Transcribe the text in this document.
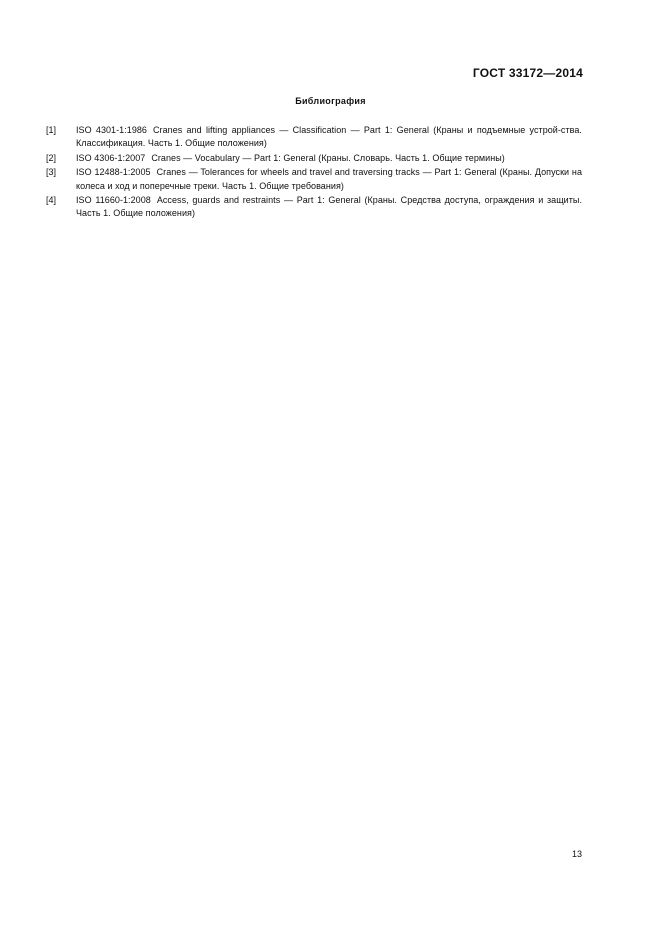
ГОСТ 33172—2014
Библиография
[1]	ISO 4301-1:1986 Cranes and lifting appliances — Classification — Part 1: General (Краны и подъемные устрой-ства. Классификация. Часть 1. Общие положения)
[2]	ISO 4306-1:2007 Cranes — Vocabulary — Part 1: General (Краны. Словарь. Часть 1. Общие термины)
[3]	ISO 12488-1:2005 Cranes — Tolerances for wheels and travel and traversing tracks — Part 1: General (Краны. Допуски на колеса и ход и поперечные треки. Часть 1. Общие требования)
[4]	ISO 11660-1:2008 Access, guards and restraints — Part 1: General (Краны. Средства доступа, ограждения и защиты. Часть 1. Общие положения)
13
